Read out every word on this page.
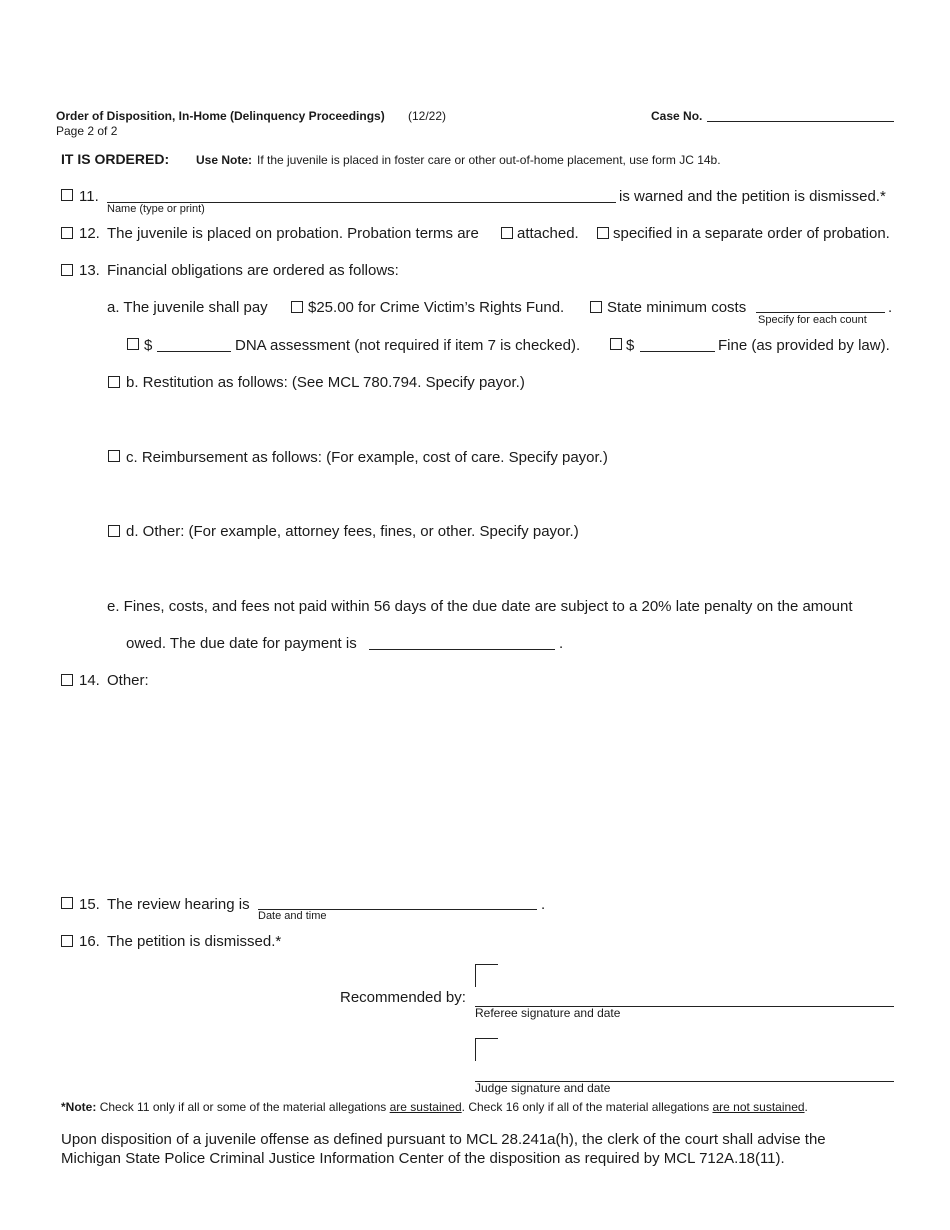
Order of Disposition, In-Home (Delinquency Proceedings) (12/22)
Page 2 of 2
Case No.
IT IS ORDERED: Use Note: If the juvenile is placed in foster care or other out-of-home placement, use form JC 14b.
11.
Name (type or print)
is warned and the petition is dismissed.*
12. The juvenile is placed on probation. Probation terms are	attached. specified in a separate order of probation.
13. Financial obligations are ordered as follows:
a. The juvenile shall pay	$25.00 for Crime Victim’s Rights Fund.	State minimum costs	.
Specify for each count
$	DNA assessment (not required if item 7 is checked).	$	Fine (as provided by law).
b. Restitution as follows: (See MCL 780.794. Specify payor.)
c. Reimbursement as follows: (For example, cost of care. Specify payor.)
d. Other: (For example, attorney fees, fines, or other. Specify payor.)
e. Fines, costs, and fees not paid within 56 days of the due date are subject to a 20% late penalty on the amount
owed. The due date for payment is	.
14. Other:
15. The review hearing is	.
Date and time
16. The petition is dismissed.*
Recommended by:
Referee signature and date
Judge signature and date
*Note: Check 11 only if all or some of the material allegations are sustained. Check 16 only if all of the material allegations are not sustained.
Upon disposition of a juvenile offense as defined pursuant to MCL 28.241a(h), the clerk of the court shall advise the
Michigan State Police Criminal Justice Information Center of the disposition as required by MCL 712A.18(11).
